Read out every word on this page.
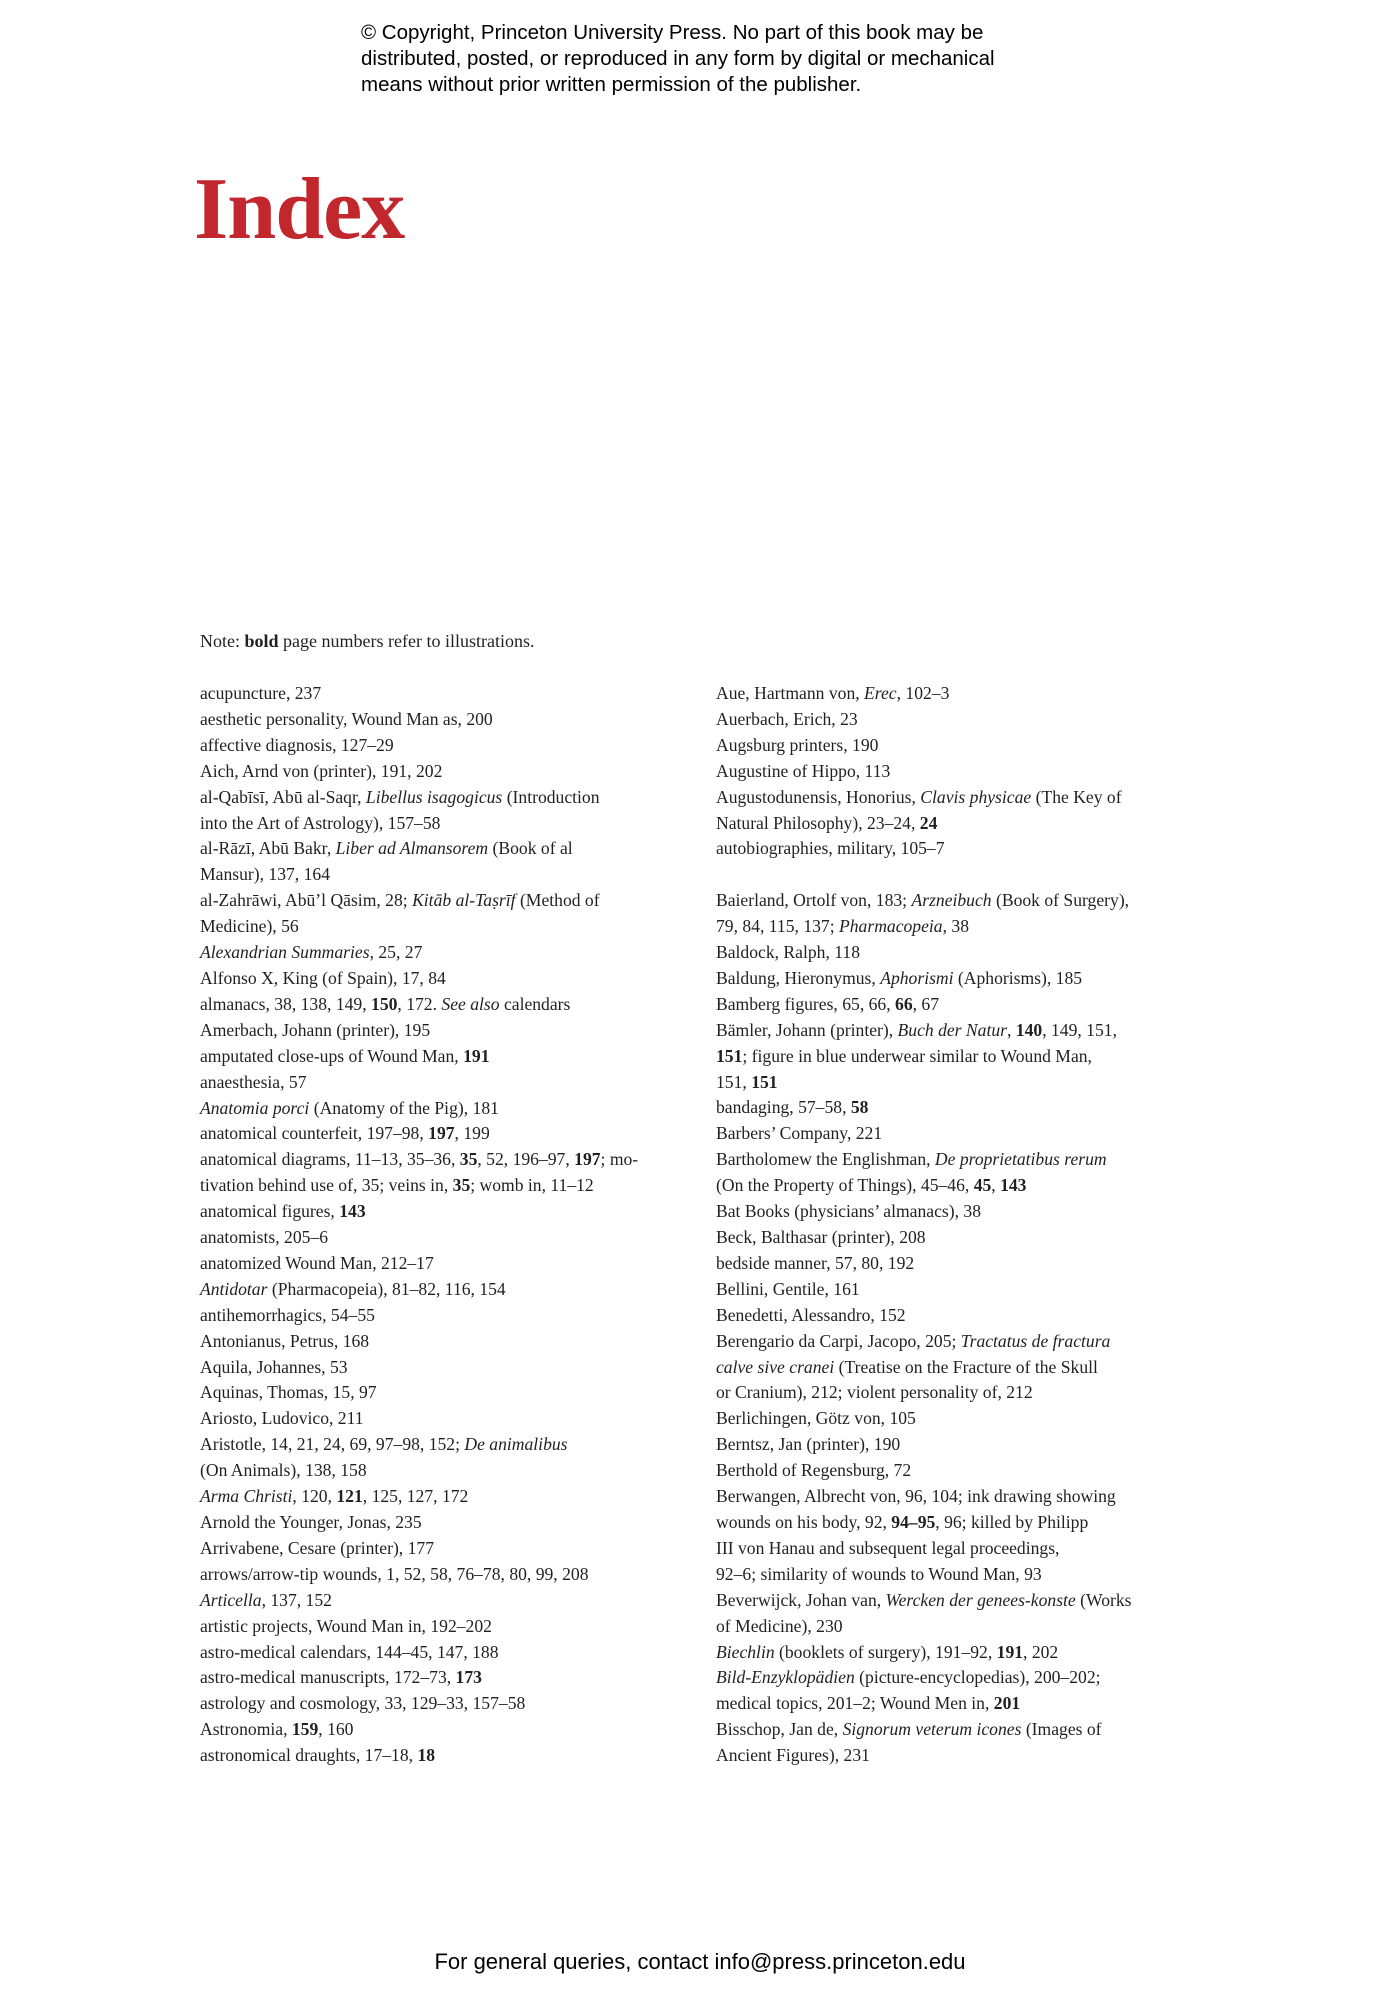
© Copyright, Princeton University Press. No part of this book may be
distributed, posted, or reproduced in any form by digital or mechanical
means without prior written permission of the publisher.
Index
Note: bold page numbers refer to illustrations.
acupuncture, 237
aesthetic personality, Wound Man as, 200
affective diagnosis, 127–29
Aich, Arnd von (printer), 191, 202
al-Qabīsī, Abū al-Saqr, Libellus isagogicus (Introduction
into the Art of Astrology), 157–58
al-Rāzī, Abū Bakr, Liber ad Almansorem (Book of al
Mansur), 137, 164
al-Zahrāwi, Abū’l Qāsim, 28; Kitāb al-Taṣrīf (Method of
Medicine), 56
Alexandrian Summaries, 25, 27
Alfonso X, King (of Spain), 17, 84
almanacs, 38, 138, 149, 150, 172. See also calendars
Amerbach, Johann (printer), 195
amputated close-ups of Wound Man, 191
anaesthesia, 57
Anatomia porci (Anatomy of the Pig), 181
anatomical counterfeit, 197–98, 197, 199
anatomical diagrams, 11–13, 35–36, 35, 52, 196–97, 197; mo-
tivation behind use of, 35; veins in, 35; womb in, 11–12
anatomical figures, 143
anatomists, 205–6
anatomized Wound Man, 212–17
Antidotar (Pharmacopeia), 81–82, 116, 154
antihemorrhagics, 54–55
Antonianus, Petrus, 168
Aquila, Johannes, 53
Aquinas, Thomas, 15, 97
Ariosto, Ludovico, 211
Aristotle, 14, 21, 24, 69, 97–98, 152; De animalibus
(On Animals), 138, 158
Arma Christi, 120, 121, 125, 127, 172
Arnold the Younger, Jonas, 235
Arrivabene, Cesare (printer), 177
arrows/arrow-tip wounds, 1, 52, 58, 76–78, 80, 99, 208
Articella, 137, 152
artistic projects, Wound Man in, 192–202
astro-medical calendars, 144–45, 147, 188
astro-medical manuscripts, 172–73, 173
astrology and cosmology, 33, 129–33, 157–58
Astronomia, 159, 160
astronomical draughts, 17–18, 18
Aue, Hartmann von, Erec, 102–3
Auerbach, Erich, 23
Augsburg printers, 190
Augustine of Hippo, 113
Augustodunensis, Honorius, Clavis physicae (The Key of
Natural Philosophy), 23–24, 24
autobiographies, military, 105–7
Baierland, Ortolf von, 183; Arzneibuch (Book of Surgery),
79, 84, 115, 137; Pharmacopeia, 38
Baldock, Ralph, 118
Baldung, Hieronymus, Aphorismi (Aphorisms), 185
Bamberg figures, 65, 66, 66, 67
Bämler, Johann (printer), Buch der Natur, 140, 149, 151,
151; figure in blue underwear similar to Wound Man,
151, 151
bandaging, 57–58, 58
Barbers’ Company, 221
Bartholomew the Englishman, De proprietatibus rerum
(On the Property of Things), 45–46, 45, 143
Bat Books (physicians’ almanacs), 38
Beck, Balthasar (printer), 208
bedside manner, 57, 80, 192
Bellini, Gentile, 161
Benedetti, Alessandro, 152
Berengario da Carpi, Jacopo, 205; Tractatus de fractura
calve sive cranei (Treatise on the Fracture of the Skull
or Cranium), 212; violent personality of, 212
Berlichingen, Götz von, 105
Berntsz, Jan (printer), 190
Berthold of Regensburg, 72
Berwangen, Albrecht von, 96, 104; ink drawing showing
wounds on his body, 92, 94–95, 96; killed by Philipp
III von Hanau and subsequent legal proceedings,
92–6; similarity of wounds to Wound Man, 93
Beverwijck, Johan van, Wercken der genees-konste (Works
of Medicine), 230
Biechlin (booklets of surgery), 191–92, 191, 202
Bild-Enzyklopädien (picture-encyclopedias), 200–202;
medical topics, 201–2; Wound Men in, 201
Bisschop, Jan de, Signorum veterum icones (Images of
Ancient Figures), 231
For general queries, contact info@press.princeton.edu
